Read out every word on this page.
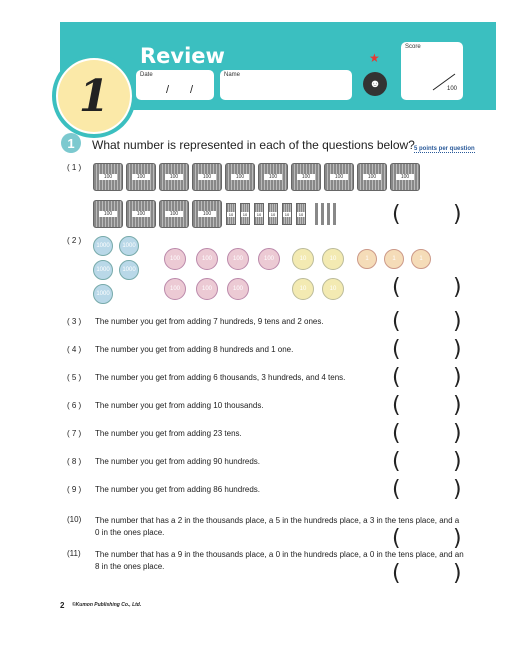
Review
1	Date
/ /
Name
★
☻
Score
100
1	What number is represented in each of the questions below? 5 points per question
( 1 )
100	100	100	100	100	100	100	100	100	100
100	100	100	100	10	10	10	10	10	10	( )
( 2 )
1000	1000
1000	1000
1000
100	100	100	100
100	100	100
10	10
10	10
1	1	1
( )
( 3 ) The number you get from adding 7 hundreds, 9 tens and 2 ones.	( )
( 4 ) The number you get from adding 8 hundreds and 1 one.	( )
( 5 ) The number you get from adding 6 thousands, 3 hundreds, and 4 tens. ( )
( 6 ) The number you get from adding 10 thousands.	( )
( 7 ) The number you get from adding 23 tens.	( )
( 8 ) The number you get from adding 90 hundreds.	( )
( 9 ) The number you get from adding 86 hundreds.	( )
(10) The number that has a 2 in the thousands place, a 5 in the hundreds place, a 3 in the tens place, and a 0 in the ones place.	( )
(11) The number that has a 9 in the thousands place, a 0 in the hundreds place, a 0 in the tens place, and an 8 in the ones place.	( )
2 ©Kumon Publishing Co., Ltd.
